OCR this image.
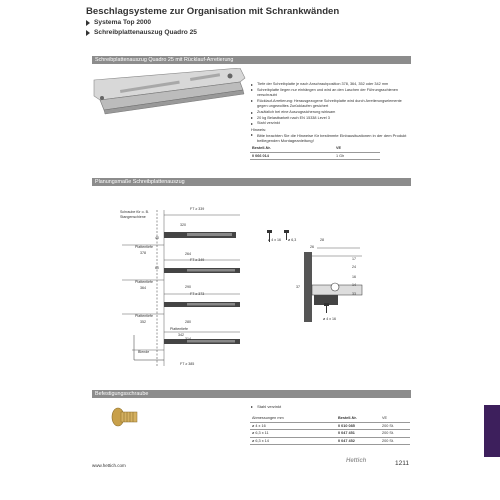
Beschlagsysteme zur Organisation mit Schrankwänden
Systema Top 2000
Schreibplattenauszug Quadro 25
Schreibplattenauszug Quadro 25 mit Rücklauf-Arretierung
Tiefe der Schreibplatte je nach Anschraubposition 378, 364, 352 oder 342 mm
Schreibplatte liegen nur einhängen und wird an den Laschen der Führungsschienen verschraubt
Rücklauf-Arretierung: Herausgezogene Schreibplatte wird durch Arretierungselemente gegen ungewolltes Zurücklaufen gesichert
Zusätzlich bei eine Auszugssicherung wirksam
20 kg Belastbarkeit nach EN 15338 Level 3
Stahl verzinkt
Hinweis:
Bitte beachten Sie die Hinweise für bestimmte Einbausituationen in der dem Produkt beiliegenden Montageanleitung!
Bestell-Nr.	VE
0 066 014	1 Gh
Planungsmaße Schreibplattenauszug
FT ≥ 339
Schraube für o. B.
Stangenschiene
320
Plattentiefe
378	264
FT ≥ 349
Plattentiefe
364	290
FT ≥ 373
Plattentiefe
352	280
Plattentiefe
342
314
Blende
FT ≥ 385
40
60
26
28
17
24
37
16
14
33
ø 4 x 16 ø 6,3
ø 4 x 16
Befestigungsschraube
Stahl verzinkt
Abmessungen mm	Bestell-Nr.	VE
ø 4 x 16	0 010 085	200 St.
ø 6,3 x 11	0 047 451	200 St.
ø 6,3 x 14	0 047 452	200 St.
www.hettich.com
Hettich	1211
